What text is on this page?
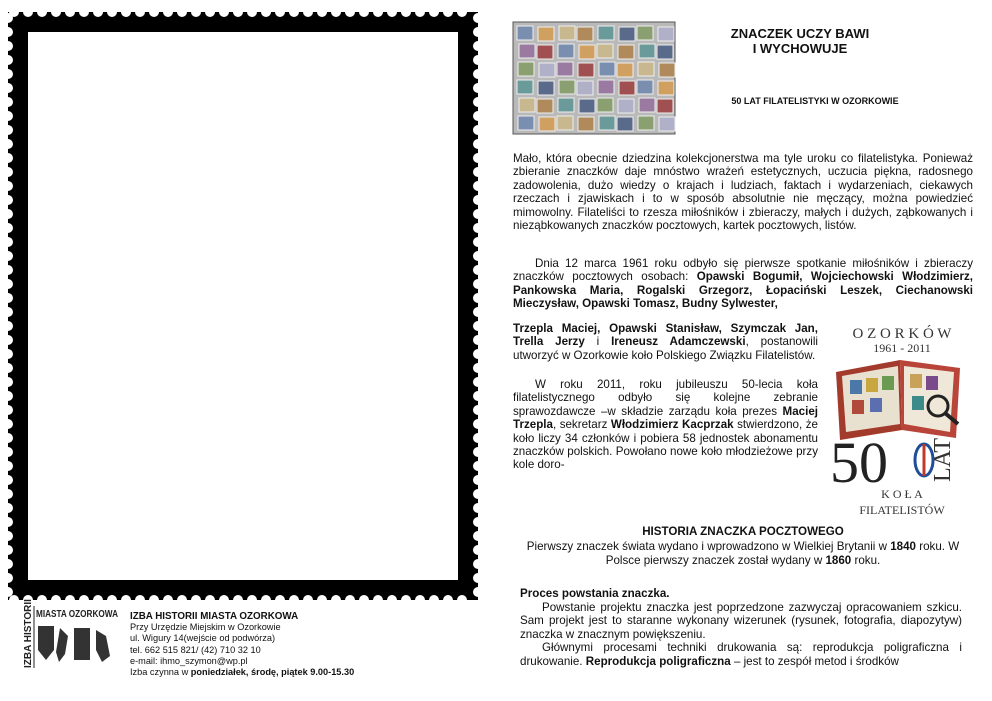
ZNACZEK UCZY BAWI
I WYCHOWUJE
50 LAT FILATELISTYKI W OZORKOWIE
Mało, która obecnie dziedzina kolekcjonerstwa ma tyle uroku co filatelistyka. Ponieważ zbieranie znaczków daje mnóstwo wrażeń estetycznych, uczucia piękna, radosnego zadowolenia, dużo wiedzy o krajach i ludziach, faktach i wydarzeniach, ciekawych rzeczach i zjawiskach i to w sposób absolutnie nie męczący, można powiedzieć mimowolny. Filateliści to rzesza miłośników i zbieraczy, małych i dużych, ząbkowanych i nieząbkowanych znaczków pocztowych, kartek pocztowych, listów.
Dnia 12 marca 1961 roku odbyło się pierwsze spotkanie miłośników i zbieraczy znaczków pocztowych osobach: Opawski Bogumił, Wojciechowski Włodzimierz, Pankowska Maria, Rogalski Grzegorz, Łopaciński Leszek, Ciechanowski Mieczysław, Opawski Tomasz, Budny Sylwester,
Trzepla Maciej, Opawski Stanisław, Szymczak Jan, Trella Jerzy i Ireneusz Adamczewski, postanowili utworzyć w Ozorkowie koło Polskiego Związku Filatelistów.
W roku 2011, roku jubileuszu 50-lecia koła filatelistycznego odbyło się kolejne zebranie sprawozdawcze –w składzie zarządu koła prezes Maciej Trzepla, sekretarz Włodzimierz Kacprzak stwierdzono, że koło liczy 34 członków i pobiera 58 jednostek abonamentu znaczków polskich. Powołano nowe koło młodzieżowe przy kole doro-
O Z O R K Ó W
1961 - 2011
50 LAT
K O Ł A
FILATELISTÓW
HISTORIA ZNACZKA POCZTOWEGO
Pierwszy znaczek świata wydano i wprowadzono w Wielkiej Brytanii w 1840 roku. W Polsce pierwszy znaczek został wydany w 1860 roku.
Proces powstania znaczka.
Powstanie projektu znaczka jest poprzedzone zazwyczaj opracowaniem szkicu. Sam projekt jest to staranne wykonany wizerunek (rysunek, fotografia, diapozytyw) znaczka w znacznym powiększeniu.
Głównymi procesami techniki drukowania są: reprodukcja poligraficzna i drukowanie. Reprodukcja poligraficzna – jest to zespół metod i środków
IZBA HISTORII MIASTA OZORKOWA IZBA HISTORII MIASTA OZORKOWA
Przy Urzędzie Miejskim w Ozorkowie
ul. Wigury 14(wejście od podwórza)
tel. 662 515 821/ (42) 710 32 10
e-mail: ihmo_szymon@wp.pl
Izba czynna w poniedziałek, środę, piątek 9.00-15.30
